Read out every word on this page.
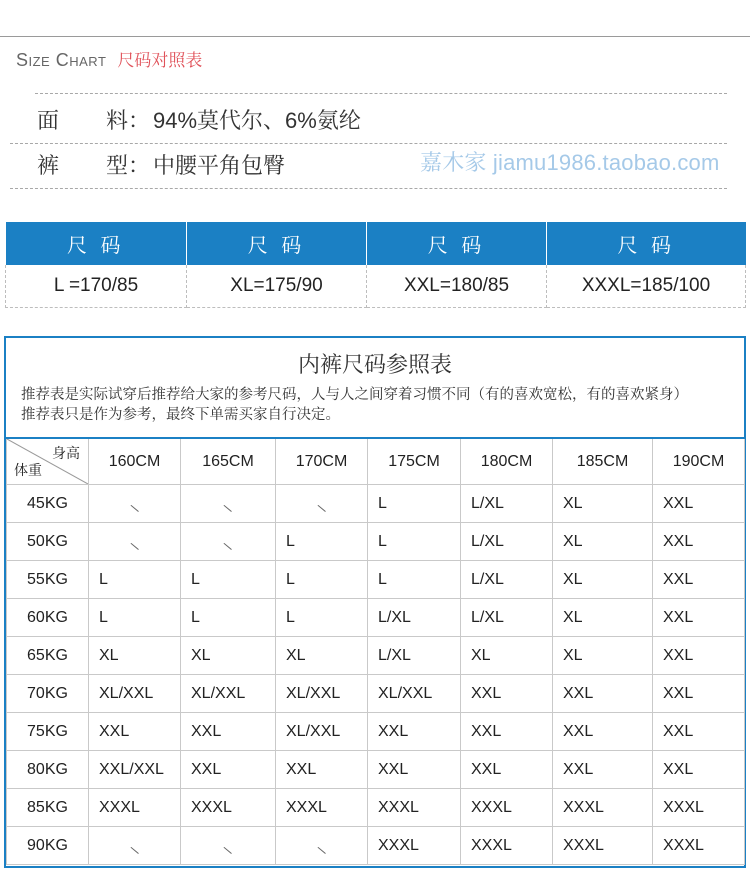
Size Chart 尺码对照表
面 料： 94%莫代尔、6%氨纶
裤 型： 中腰平角包臀	嘉木家 jiamu1986.taobao.com
尺 码	尺 码	尺 码	尺 码
L =170/85	XL=175/90	XXL=180/85	XXXL=185/100
内裤尺码参照表
推荐表是实际试穿后推荐给大家的参考尺码，人与人之间穿着习惯不同（有的喜欢宽松，有的喜欢紧身）
推荐表只是作为参考，最终下单需买家自行决定。
身高
体重	160CM	165CM	170CM	175CM	180CM	185CM	190CM
45KG	\	\	\	L	L/XL	XL	XXL
50KG	\	\	L	L	L/XL	XL	XXL
55KG	L	L	L	L	L/XL	XL	XXL
60KG	L	L	L	L/XL	L/XL	XL	XXL
65KG	XL	XL	XL	L/XL	XL	XL	XXL
70KG	XL/XXL	XL/XXL	XL/XXL	XL/XXL	XXL	XXL	XXL
75KG	XXL	XXL	XL/XXL	XXL	XXL	XXL	XXL
80KG	XXL/XXL	XXL	XXL	XXL	XXL	XXL	XXL
85KG	XXXL	XXXL	XXXL	XXXL	XXXL	XXXL	XXXL
90KG	\	\	\	XXXL	XXXL	XXXL	XXXL
